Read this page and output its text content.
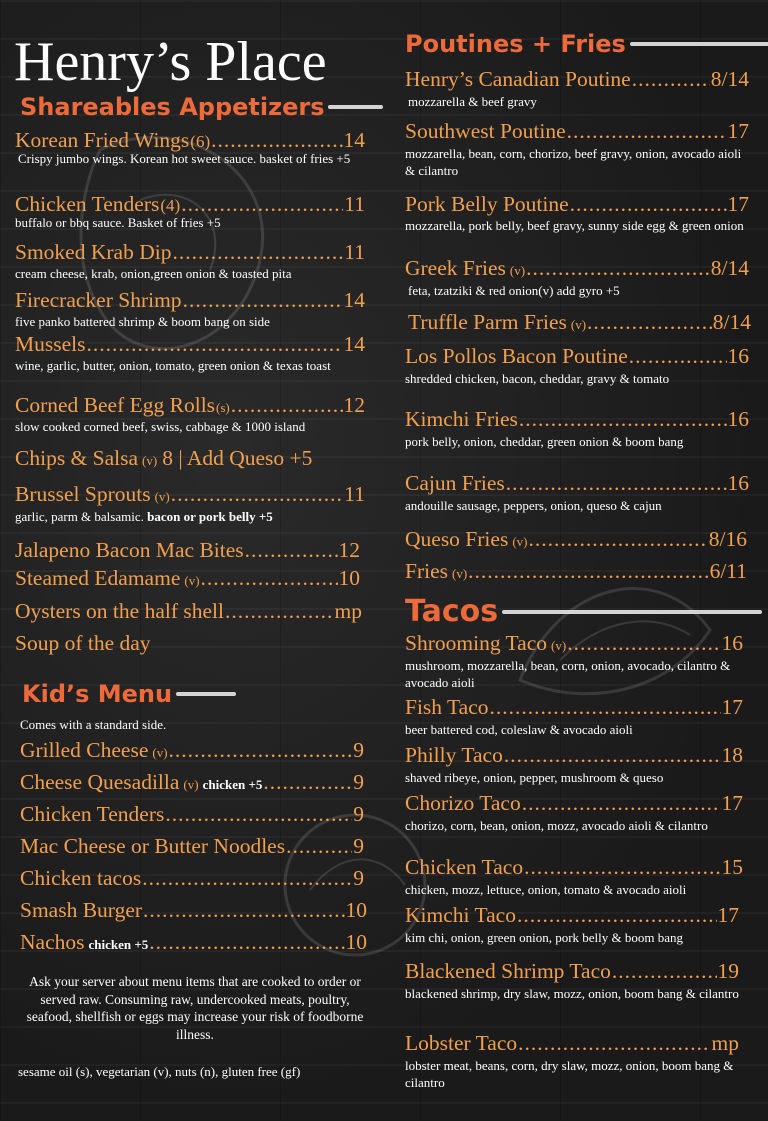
Henry’s Place
Shareables Appetizers
Korean Fried Wings (6) .....	14
Crispy jumbo wings. Korean hot sweet sauce. basket of fries +5
Chicken Tenders (4) .....	11
buffalo or bbq sauce. Basket of fries +5
Smoked Krab Dip .....	11
cream cheese, krab, onion,green onion & toasted pita
Firecracker Shrimp .....	14
five panko battered shrimp & boom bang on side
Mussels .....	14
wine, garlic, butter, onion, tomato, green onion & texas toast
Corned Beef Egg Rolls (s) .....	12
slow cooked corned beef, swiss, cabbage & 1000 island
Chips & Salsa (v) 8 | Add Queso +5
Brussel Sprouts (v) .....	11
garlic, parm & balsamic. bacon or pork belly +5
Jalapeno Bacon Mac Bites .....	12
Steamed Edamame (v) .....	10
Oysters on the half shell .....	mp
Soup of the day
Kid’s Menu
Comes with a standard side.
Grilled Cheese (v) .....	9
Cheese Quesadilla (v) chicken +5 .....	9
Chicken Tenders .....	9
Mac Cheese or Butter Noodles .....	9
Chicken tacos .....	9
Smash Burger .....	10
Nachos chicken +5 .....	10
Ask your server about menu items that are cooked to order or served raw. Consuming raw, undercooked meats, poultry, seafood, shellfish or eggs may increase your risk of foodborne illness.
sesame oil (s), vegetarian (v), nuts (n), gluten free (gf)
Poutines + Fries
Henry’s Canadian Poutine .....	8/14
mozzarella & beef gravy
Southwest Poutine .....	17
mozzarella, bean, corn, chorizo, beef gravy, onion, avocado aioli & cilantro
Pork Belly Poutine .....	17
mozzarella, pork belly, beef gravy, sunny side egg & green onion
Greek Fries (v) .....	8/14
feta, tzatziki & red onion(v) add gyro +5
Truffle Parm Fries (v) .....	8/14
Los Pollos Bacon Poutine .....	16
shredded chicken, bacon, cheddar, gravy & tomato
Kimchi Fries .....	16
pork belly, onion, cheddar, green onion & boom bang
Cajun Fries .....	16
andouille sausage, peppers, onion, queso & cajun
Queso Fries (v) .....	8/16
Fries (v) .....	6/11
Tacos
Shrooming Taco (v) .....	16
mushroom, mozzarella, bean, corn, onion, avocado, cilantro & avocado aioli
Fish Taco .....	17
beer battered cod, coleslaw & avocado aioli
Philly Taco .....	18
shaved ribeye, onion, pepper, mushroom & queso
Chorizo Taco .....	17
chorizo, corn, bean, onion, mozz, avocado aioli & cilantro
Chicken Taco .....	15
chicken, mozz, lettuce, onion, tomato & avocado aioli
Kimchi Taco .....	17
kim chi, onion, green onion, pork belly & boom bang
Blackened Shrimp Taco .....	19
blackened shrimp, dry slaw, mozz, onion, boom bang & cilantro
Lobster Taco .....	mp
lobster meat, beans, corn, dry slaw, mozz, onion, boom bang & cilantro
